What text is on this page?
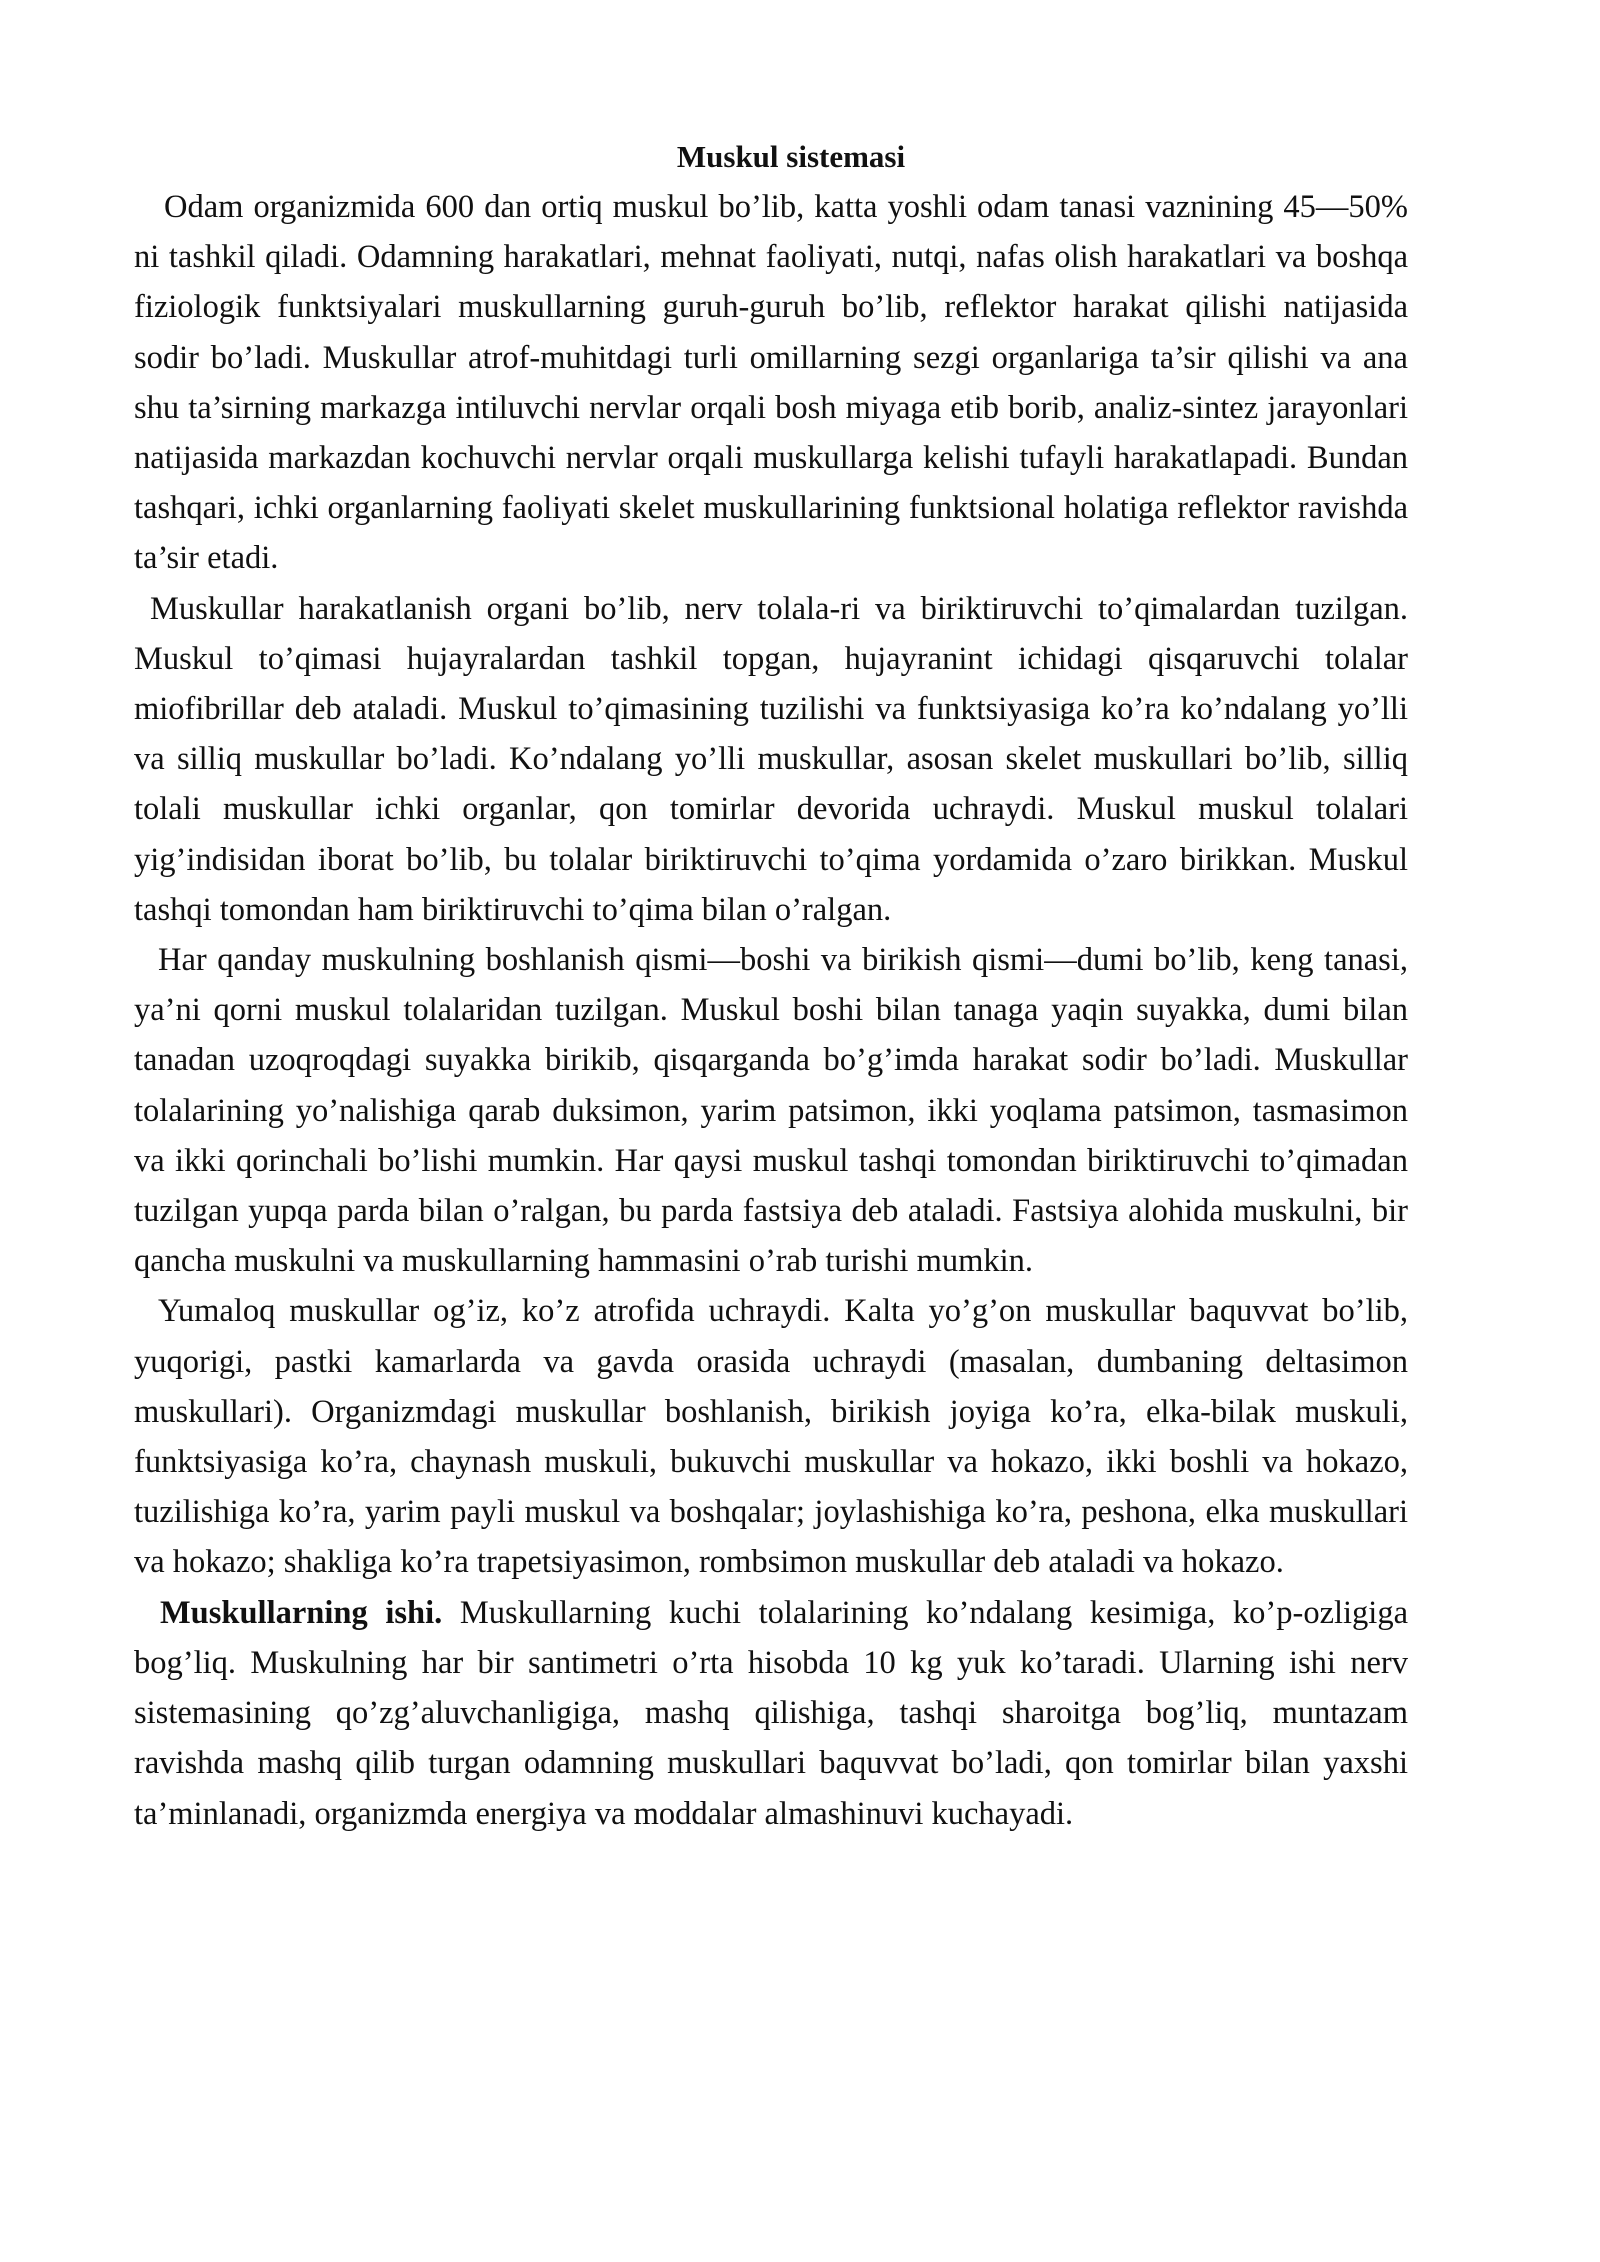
Muskul sistemasi

Odam organizmida 600 dan ortiq muskul bo’lib, katta yoshli odam tanasi vaznining 45—50% ni tashkil qiladi. Odamning harakatlari, mehnat faoliyati, nutqi, nafas olish harakatlari va boshqa fiziologik funktsiyalari muskullarning guruh-guruh bo’lib, reflektor harakat qilishi natijasida sodir bo’ladi. Muskullar atrof-muhitdagi turli omillarning sezgi organlariga ta’sir qilishi va ana shu ta’sirning markazga intiluvchi nervlar orqali bosh miyaga etib borib, analiz-sintez jarayonlari natijasida markazdan kochuvchi nervlar orqali muskullarga kelishi tufayli harakatlapadi. Bundan tashqari, ichki organlarning faoliyati skelet muskullarining funktsional holatiga reflektor ravishda ta’sir etadi.

Muskullar harakatlanish organi bo’lib, nerv tolala-ri va biriktiruvchi to’qimalardan tuzilgan. Muskul to’qimasi hujayralardan tashkil topgan, hujayranint ichidagi qisqaruvchi tolalar miofibrillar deb ataladi. Muskul to’qimasining tuzilishi va funktsiyasiga ko’ra ko’ndalang yo’lli va silliq muskullar bo’ladi. Ko’ndalang yo’lli muskullar, asosan skelet muskullari bo’lib, silliq tolali muskullar ichki organlar, qon tomirlar devorida uchraydi. Muskul muskul tolalari yig’indisidan iborat bo’lib, bu tolalar biriktiruvchi to’qima yordamida o’zaro birikkan. Muskul tashqi tomondan ham biriktiruvchi to’qima bilan o’ralgan.

Har qanday muskulning boshlanish qismi—boshi va birikish qismi—dumi bo’lib, keng tanasi, ya’ni qorni muskul tolalaridan tuzilgan. Muskul boshi bilan tanaga yaqin suyakka, dumi bilan tanadan uzoqroqdagi suyakka birikib, qisqarganda bo’g’imda harakat sodir bo’ladi. Muskullar tolalarining yo’nalishiga qarab duksimon, yarim patsimon, ikki yoqlama patsimon, tasmasimon va ikki qorinchali bo’lishi mumkin. Har qaysi muskul tashqi tomondan biriktiruvchi to’qimadan tuzilgan yupqa parda bilan o’ralgan, bu parda fastsiya deb ataladi. Fastsiya alohida muskulni, bir qancha muskulni va muskullarning hammasini o’rab turishi mumkin.

Yumaloq muskullar og’iz, ko’z atrofida uchraydi. Kalta yo’g’on muskullar baquvvat bo’lib, yuqorigi, pastki kamarlarda va gavda orasida uchraydi (masalan, dumbaning deltasimon muskullari). Organizmdagi muskullar boshlanish, birikish joyiga ko’ra, elka-bilak muskuli, funktsiyasiga ko’ra, chaynash muskuli, bukuvchi muskullar va hokazo, ikki boshli va hokazo, tuzilishiga ko’ra, yarim payli muskul va boshqalar; joylashishiga ko’ra, peshona, elka muskullari va hokazo; shakliga ko’ra trapetsiyasimon, rombsimon muskullar deb ataladi va hokazo.

Muskullarning ishi. Muskullarning kuchi tolalarining ko’ndalang kesimiga, ko’p-ozligiga bog’liq. Muskulning har bir santimetri o’rta hisobda 10 kg yuk ko’taradi. Ularning ishi nerv sistemasining qo’zg’aluvchanligiga, mashq qilishiga, tashqi sharoitga bog’liq, muntazam ravishda mashq qilib turgan odamning muskullari baquvvat bo’ladi, qon tomirlar bilan yaxshi ta’minlanadi, organizmda energiya va moddalar almashinuvi kuchayadi.
